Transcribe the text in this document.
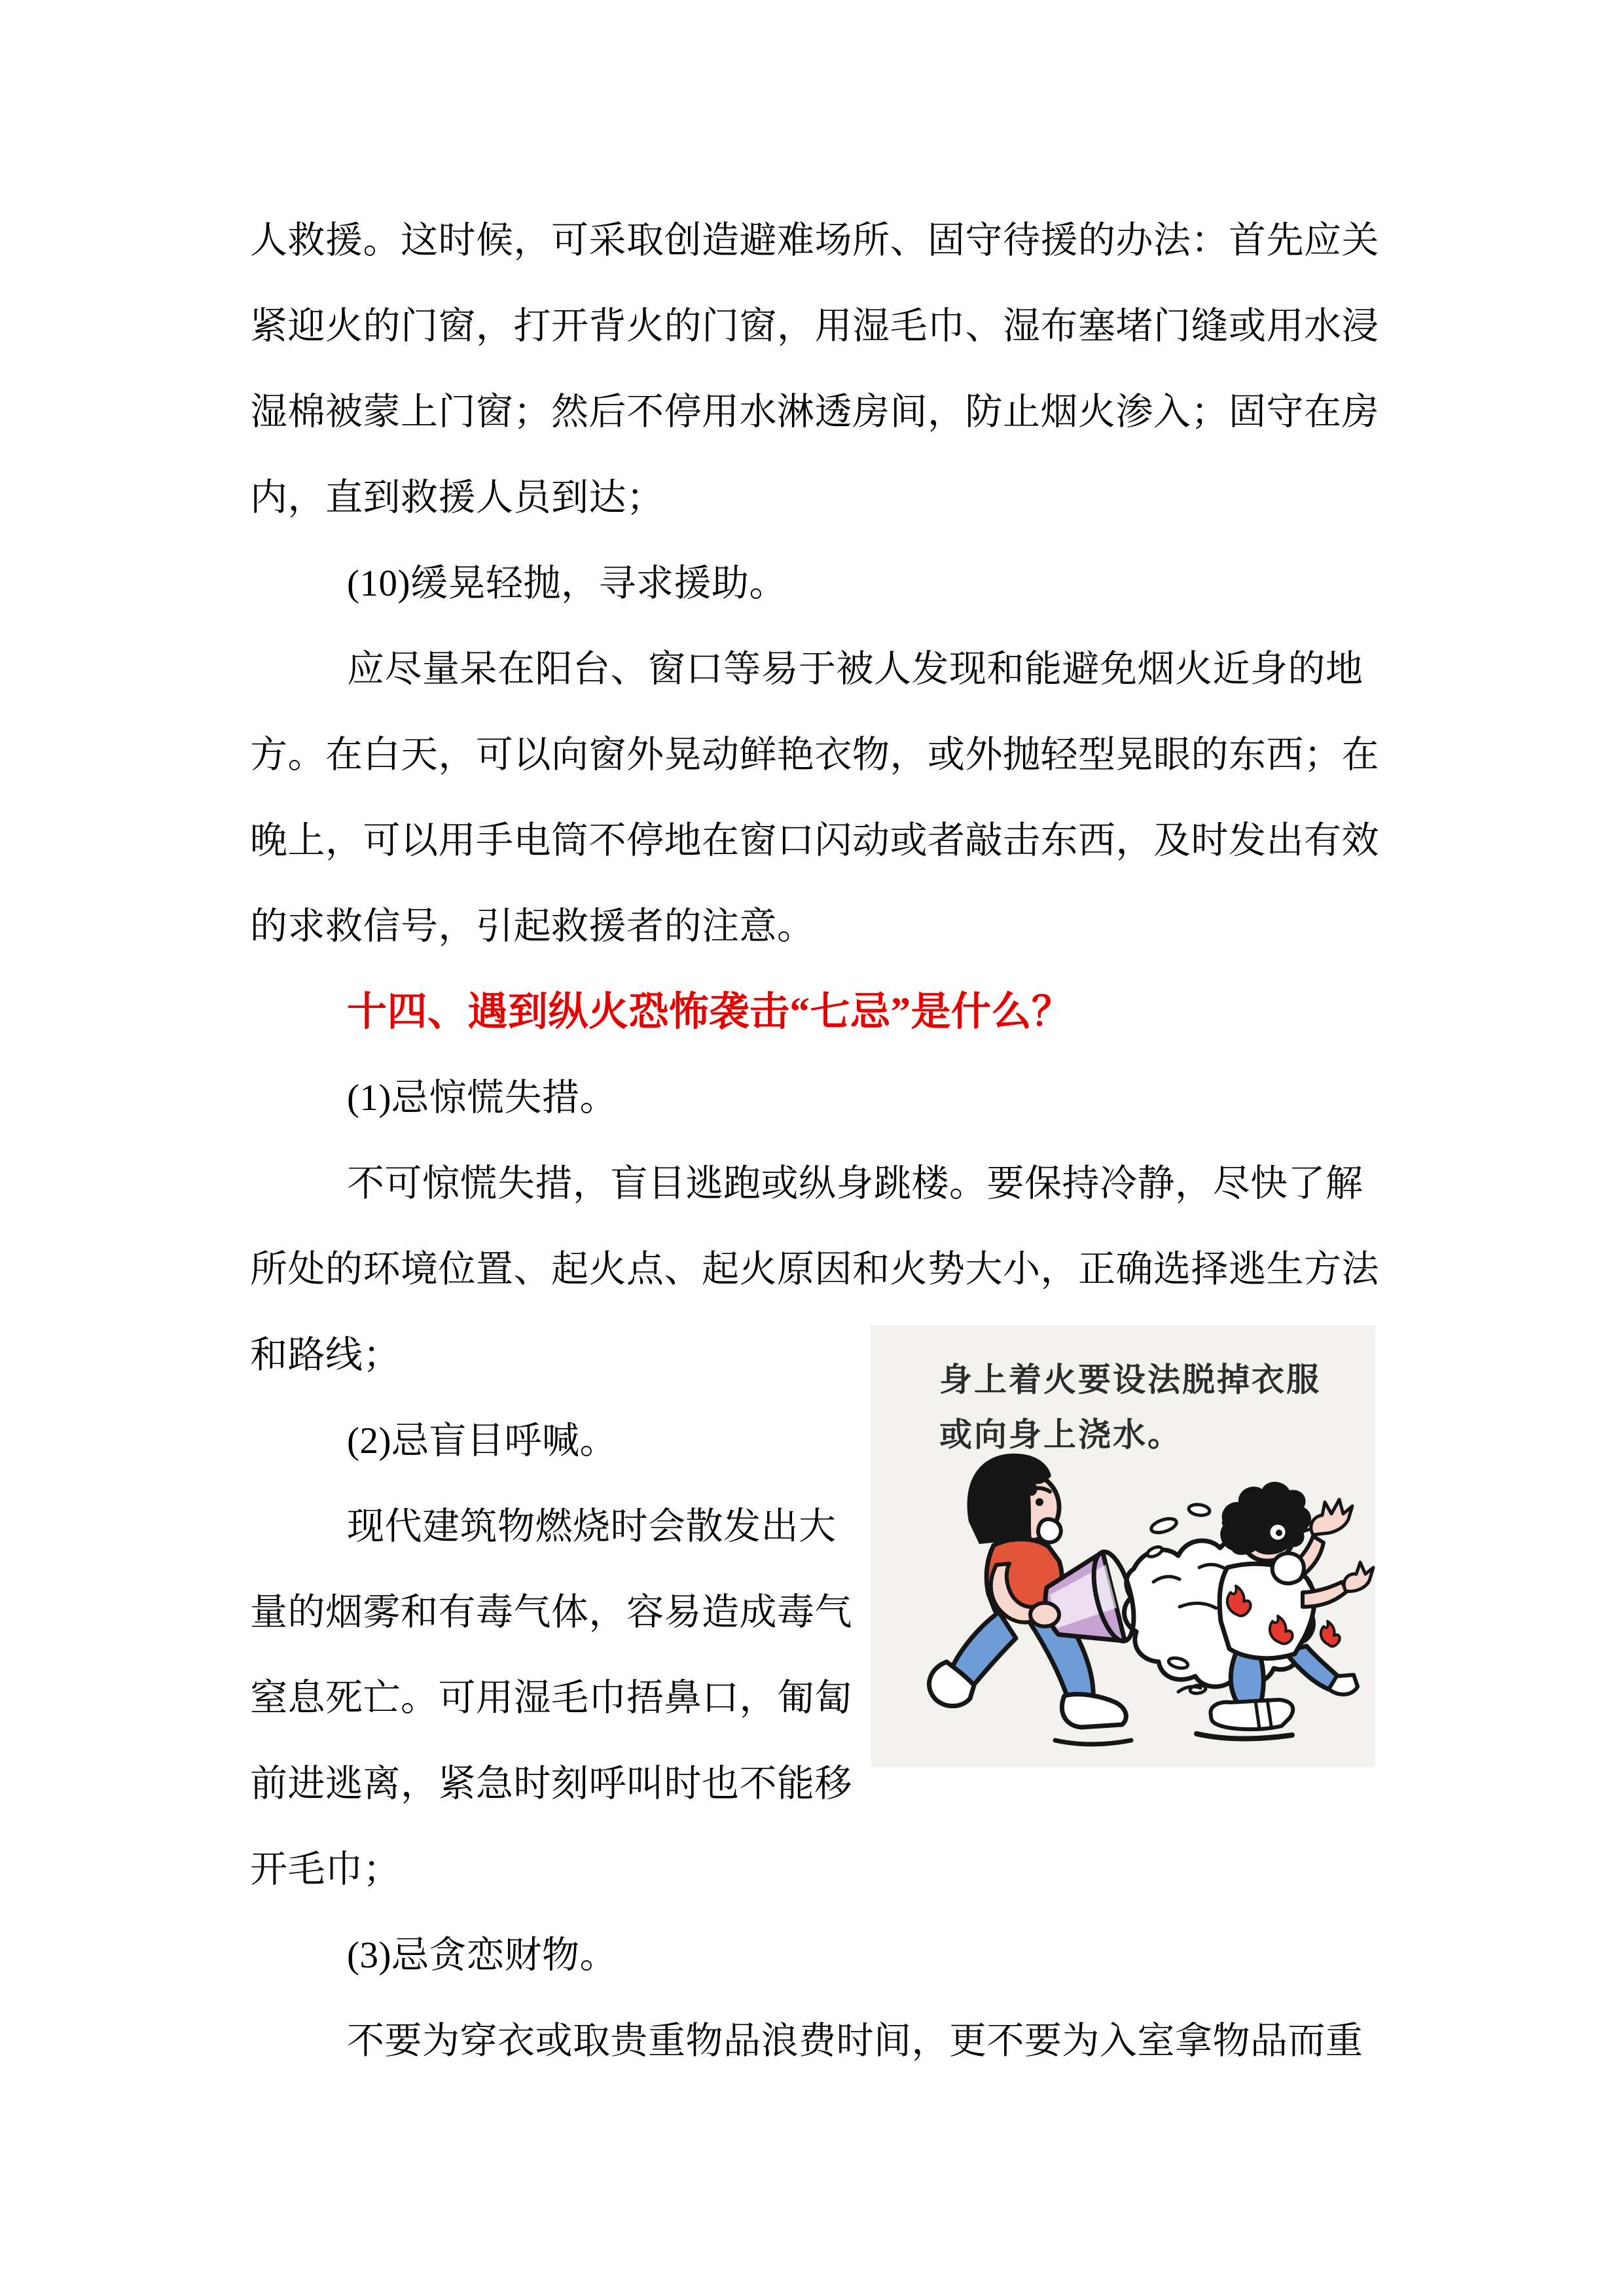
人救援。这时候，可采取创造避难场所、固守待援的办法：首先应关
紧迎火的门窗，打开背火的门窗，用湿毛巾、湿布塞堵门缝或用水浸
湿棉被蒙上门窗；然后不停用水淋透房间，防止烟火渗入；固守在房
内，直到救援人员到达；
(10)缓晃轻抛，寻求援助。
应尽量呆在阳台、窗口等易于被人发现和能避免烟火近身的地
方。在白天，可以向窗外晃动鲜艳衣物，或外抛轻型晃眼的东西；在
晚上，可以用手电筒不停地在窗口闪动或者敲击东西，及时发出有效
的求救信号，引起救援者的注意。
十四、遇到纵火恐怖袭击“七忌”是什么？
(1)忌惊慌失措。
不可惊慌失措，盲目逃跑或纵身跳楼。要保持冷静，尽快了解
所处的环境位置、起火点、起火原因和火势大小，正确选择逃生方法
和路线；
(2)忌盲目呼喊。
现代建筑物燃烧时会散发出大
量的烟雾和有毒气体，容易造成毒气
窒息死亡。可用湿毛巾捂鼻口，匍匐
前进逃离，紧急时刻呼叫时也不能移
开毛巾；
(3)忌贪恋财物。
不要为穿衣或取贵重物品浪费时间，更不要为入室拿物品而重
身上着火要设法脱掉衣服
或向身上浇水。
